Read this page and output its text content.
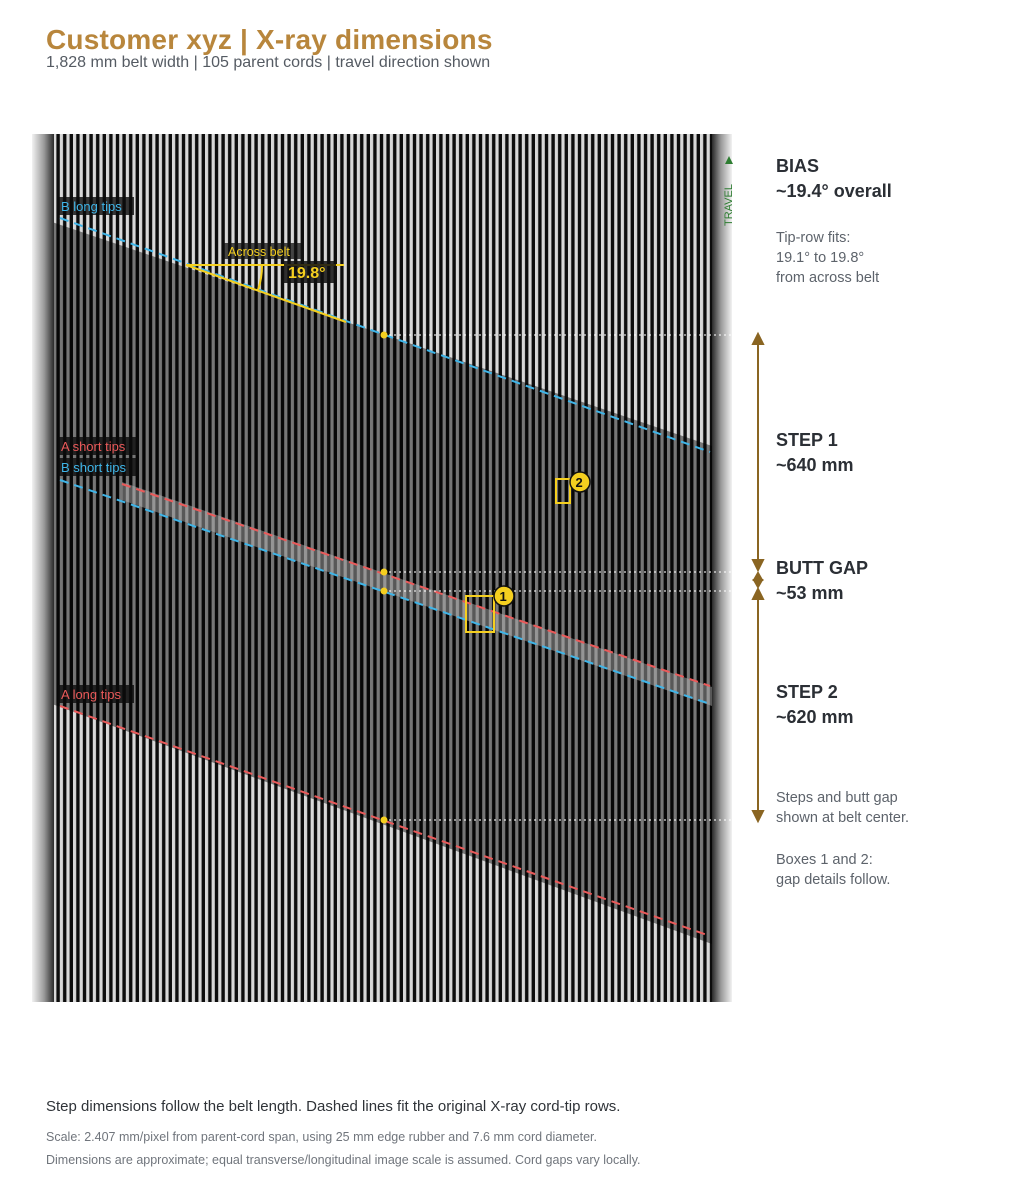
Customer xyz | X-ray dimensions
1,828 mm belt width | 105 parent cords | travel direction shown
TRAVEL
Across belt
19.8°
B long tips
A short tips
B short tips
A long tips
1
2
BIAS
~19.4° overall
Tip-row fits:
19.1° to 19.8°
from across belt
STEP 1
~640 mm
BUTT GAP
~53 mm
STEP 2
~620 mm
Steps and butt gap
shown at belt center.
Boxes 1 and 2:
gap details follow.
Step dimensions follow the belt length. Dashed lines fit the original X-ray cord-tip rows.
Scale: 2.407 mm/pixel from parent-cord span, using 25 mm edge rubber and 7.6 mm cord diameter.
Dimensions are approximate; equal transverse/longitudinal image scale is assumed. Cord gaps vary locally.
